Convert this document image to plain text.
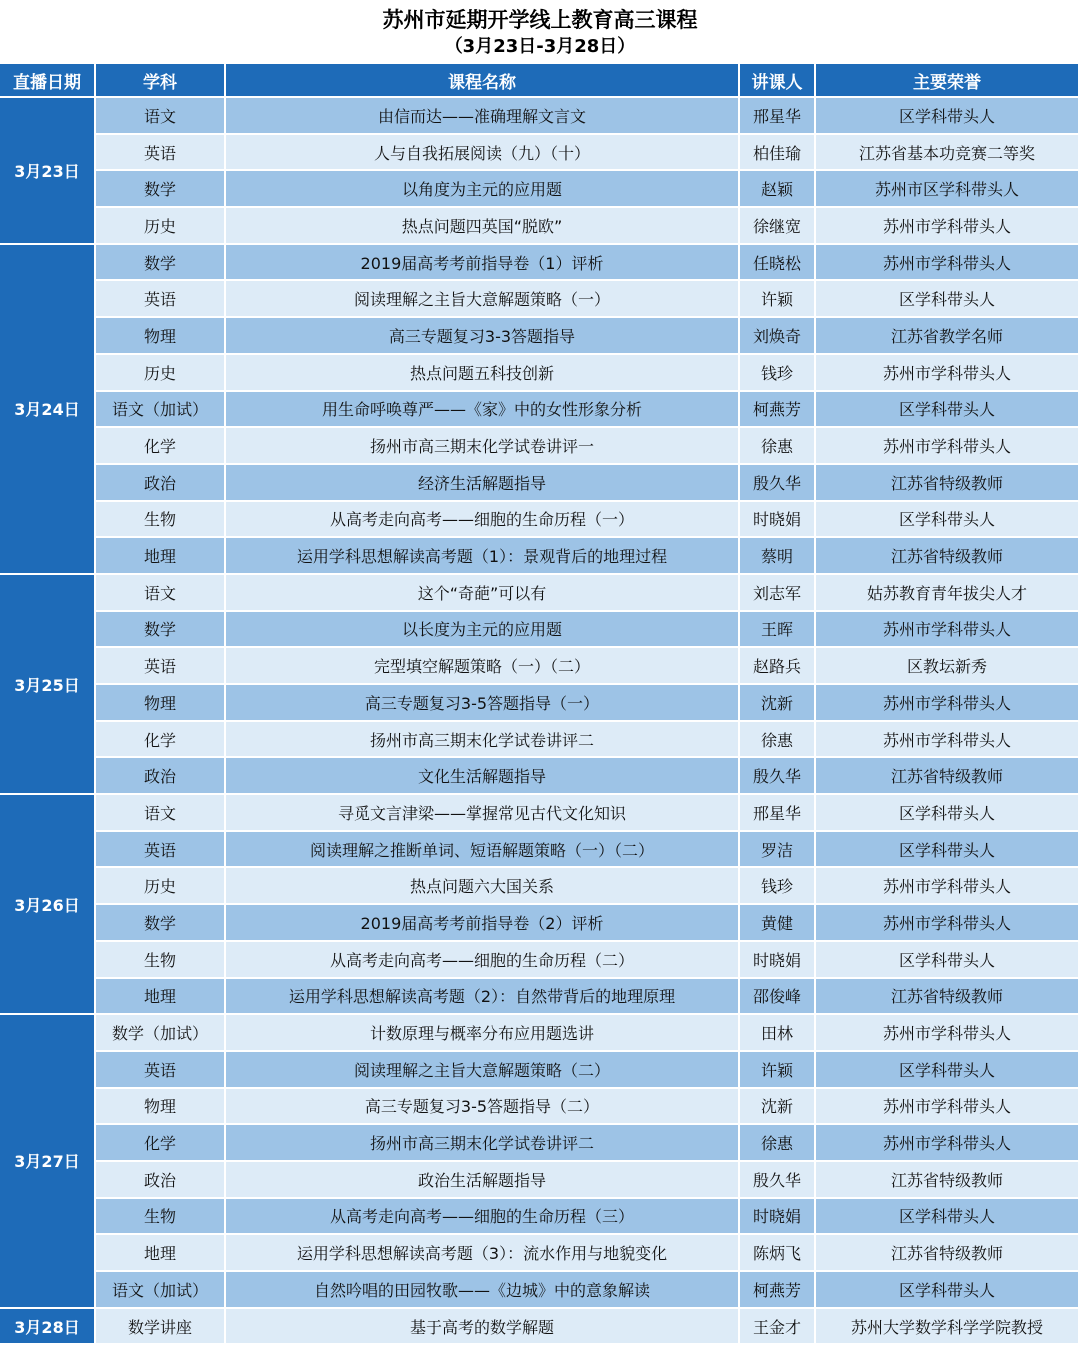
苏州市延期开学线上教育高三课程
（3月23日-3月28日）
直播日期	学科	课程名称	讲课人	主要荣誉
3月23日	语文	由信而达——准确理解文言文	邢星华	区学科带头人
	英语	人与自我拓展阅读（九）（十）	柏佳瑜	江苏省基本功竞赛二等奖
	数学	以角度为主元的应用题	赵颖	苏州市区学科带头人
	历史	热点问题四英国“脱欧”	徐继宽	苏州市学科带头人
3月24日	数学	2019届高考考前指导卷（1）评析	任晓松	苏州市学科带头人
	英语	阅读理解之主旨大意解题策略（一）	许颖	区学科带头人
	物理	高三专题复习3-3答题指导	刘焕奇	江苏省教学名师
	历史	热点问题五科技创新	钱珍	苏州市学科带头人
	语文（加试）	用生命呼唤尊严——《家》中的女性形象分析	柯燕芳	区学科带头人
	化学	扬州市高三期末化学试卷讲评一	徐惠	苏州市学科带头人
	政治	经济生活解题指导	殷久华	江苏省特级教师
	生物	从高考走向高考——细胞的生命历程（一）	时晓娟	区学科带头人
	地理	运用学科思想解读高考题（1）：景观背后的地理过程	蔡明	江苏省特级教师
3月25日	语文	这个“奇葩”可以有	刘志军	姑苏教育青年拔尖人才
	数学	以长度为主元的应用题	王晖	苏州市学科带头人
	英语	完型填空解题策略（一）（二）	赵路兵	区教坛新秀
	物理	高三专题复习3-5答题指导（一）	沈新	苏州市学科带头人
	化学	扬州市高三期末化学试卷讲评二	徐惠	苏州市学科带头人
	政治	文化生活解题指导	殷久华	江苏省特级教师
3月26日	语文	寻觅文言津梁——掌握常见古代文化知识	邢星华	区学科带头人
	英语	阅读理解之推断单词、短语解题策略（一）（二）	罗洁	区学科带头人
	历史	热点问题六大国关系	钱珍	苏州市学科带头人
	数学	2019届高考考前指导卷（2）评析	黄健	苏州市学科带头人
	生物	从高考走向高考——细胞的生命历程（二）	时晓娟	区学科带头人
	地理	运用学科思想解读高考题（2）：自然带背后的地理原理	邵俊峰	江苏省特级教师
3月27日	数学（加试）	计数原理与概率分布应用题选讲	田林	苏州市学科带头人
	英语	阅读理解之主旨大意解题策略（二）	许颖	区学科带头人
	物理	高三专题复习3-5答题指导（二）	沈新	苏州市学科带头人
	化学	扬州市高三期末化学试卷讲评二	徐惠	苏州市学科带头人
	政治	政治生活解题指导	殷久华	江苏省特级教师
	生物	从高考走向高考——细胞的生命历程（三）	时晓娟	区学科带头人
	地理	运用学科思想解读高考题（3）：流水作用与地貌变化	陈炳飞	江苏省特级教师
	语文（加试）	自然吟唱的田园牧歌——《边城》中的意象解读	柯燕芳	区学科带头人
3月28日	数学讲座	基于高考的数学解题	王金才	苏州大学数学科学学院教授
